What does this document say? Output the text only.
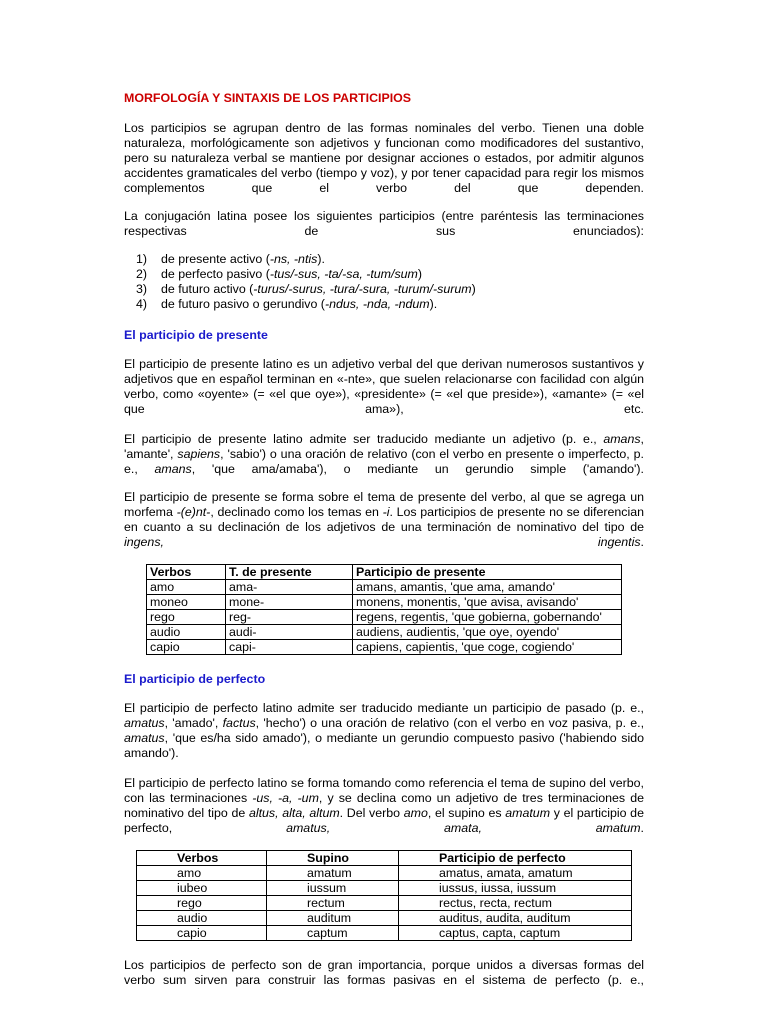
MORFOLOGÍA Y SINTAXIS DE LOS PARTICIPIOS

Los participios se agrupan dentro de las formas nominales del verbo. Tienen una doble naturaleza, morfológicamente son adjetivos y funcionan como modificadores del sustantivo, pero su naturaleza verbal se mantiene por designar acciones o estados, por admitir algunos accidentes gramaticales del verbo (tiempo y voz), y por tener capacidad para regir los mismos complementos que el verbo del que dependen.

La conjugación latina posee los siguientes participios (entre paréntesis las terminaciones respectivas de sus enunciados):

1) de presente activo (-ns, -ntis).
2) de perfecto pasivo (-tus/-sus, -ta/-sa, -tum/sum)
3) de futuro activo (-turus/-surus, -tura/-sura, -turum/-surum)
4) de futuro pasivo o gerundivo (-ndus, -nda, -ndum).
El participio de presente

El participio de presente latino es un adjetivo verbal del que derivan numerosos sustantivos y adjetivos que en español terminan en «-nte», que suelen relacionarse con facilidad con algún verbo, como «oyente» (= «el que oye»), «presidente» (= «el que preside»), «amante» (= «el que ama»), etc.

El participio de presente latino admite ser traducido mediante un adjetivo (p. e., amans, 'amante', sapiens, 'sabio') o una oración de relativo (con el verbo en presente o imperfecto, p. e., amans, 'que ama/amaba'), o mediante un gerundio simple ('amando').

El participio de presente se forma sobre el tema de presente del verbo, al que se agrega un morfema -(e)nt-, declinado como los temas en -i. Los participios de presente no se diferencian en cuanto a su declinación de los adjetivos de una terminación de nominativo del tipo de ingens, ingentis.

Verbos	T. de presente	Participio de presente
amo	ama-	amans, amantis, 'que ama, amando'
moneo	mone-	monens, monentis, 'que avisa, avisando'
rego	reg-	regens, regentis, 'que gobierna, gobernando'
audio	audi-	audiens, audientis, 'que oye, oyendo'
capio	capi-	capiens, capientis, 'que coge, cogiendo'
El participio de perfecto

El participio de perfecto latino admite ser traducido mediante un participio de pasado (p. e., amatus, 'amado', factus, 'hecho') o una oración de relativo (con el verbo en voz pasiva, p. e., amatus, 'que es/ha sido amado'), o mediante un gerundio compuesto pasivo ('habiendo sido amando').

El participio de perfecto latino se forma tomando como referencia el tema de supino del verbo, con las terminaciones -us, -a, -um, y se declina como un adjetivo de tres terminaciones de nominativo del tipo de altus, alta, altum. Del verbo amo, el supino es amatum y el participio de perfecto, amatus, amata, amatum.

Verbos	Supino	Participio de perfecto
amo	amatum	amatus, amata, amatum
iubeo	iussum	iussus, iussa, iussum
rego	rectum	rectus, recta, rectum
audio	auditum	auditus, audita, auditum
capio	captum	captus, capta, captum

Los participios de perfecto son de gran importancia, porque unidos a diversas formas del verbo sum sirven para construir las formas pasivas en el sistema de perfecto (p. e.,
